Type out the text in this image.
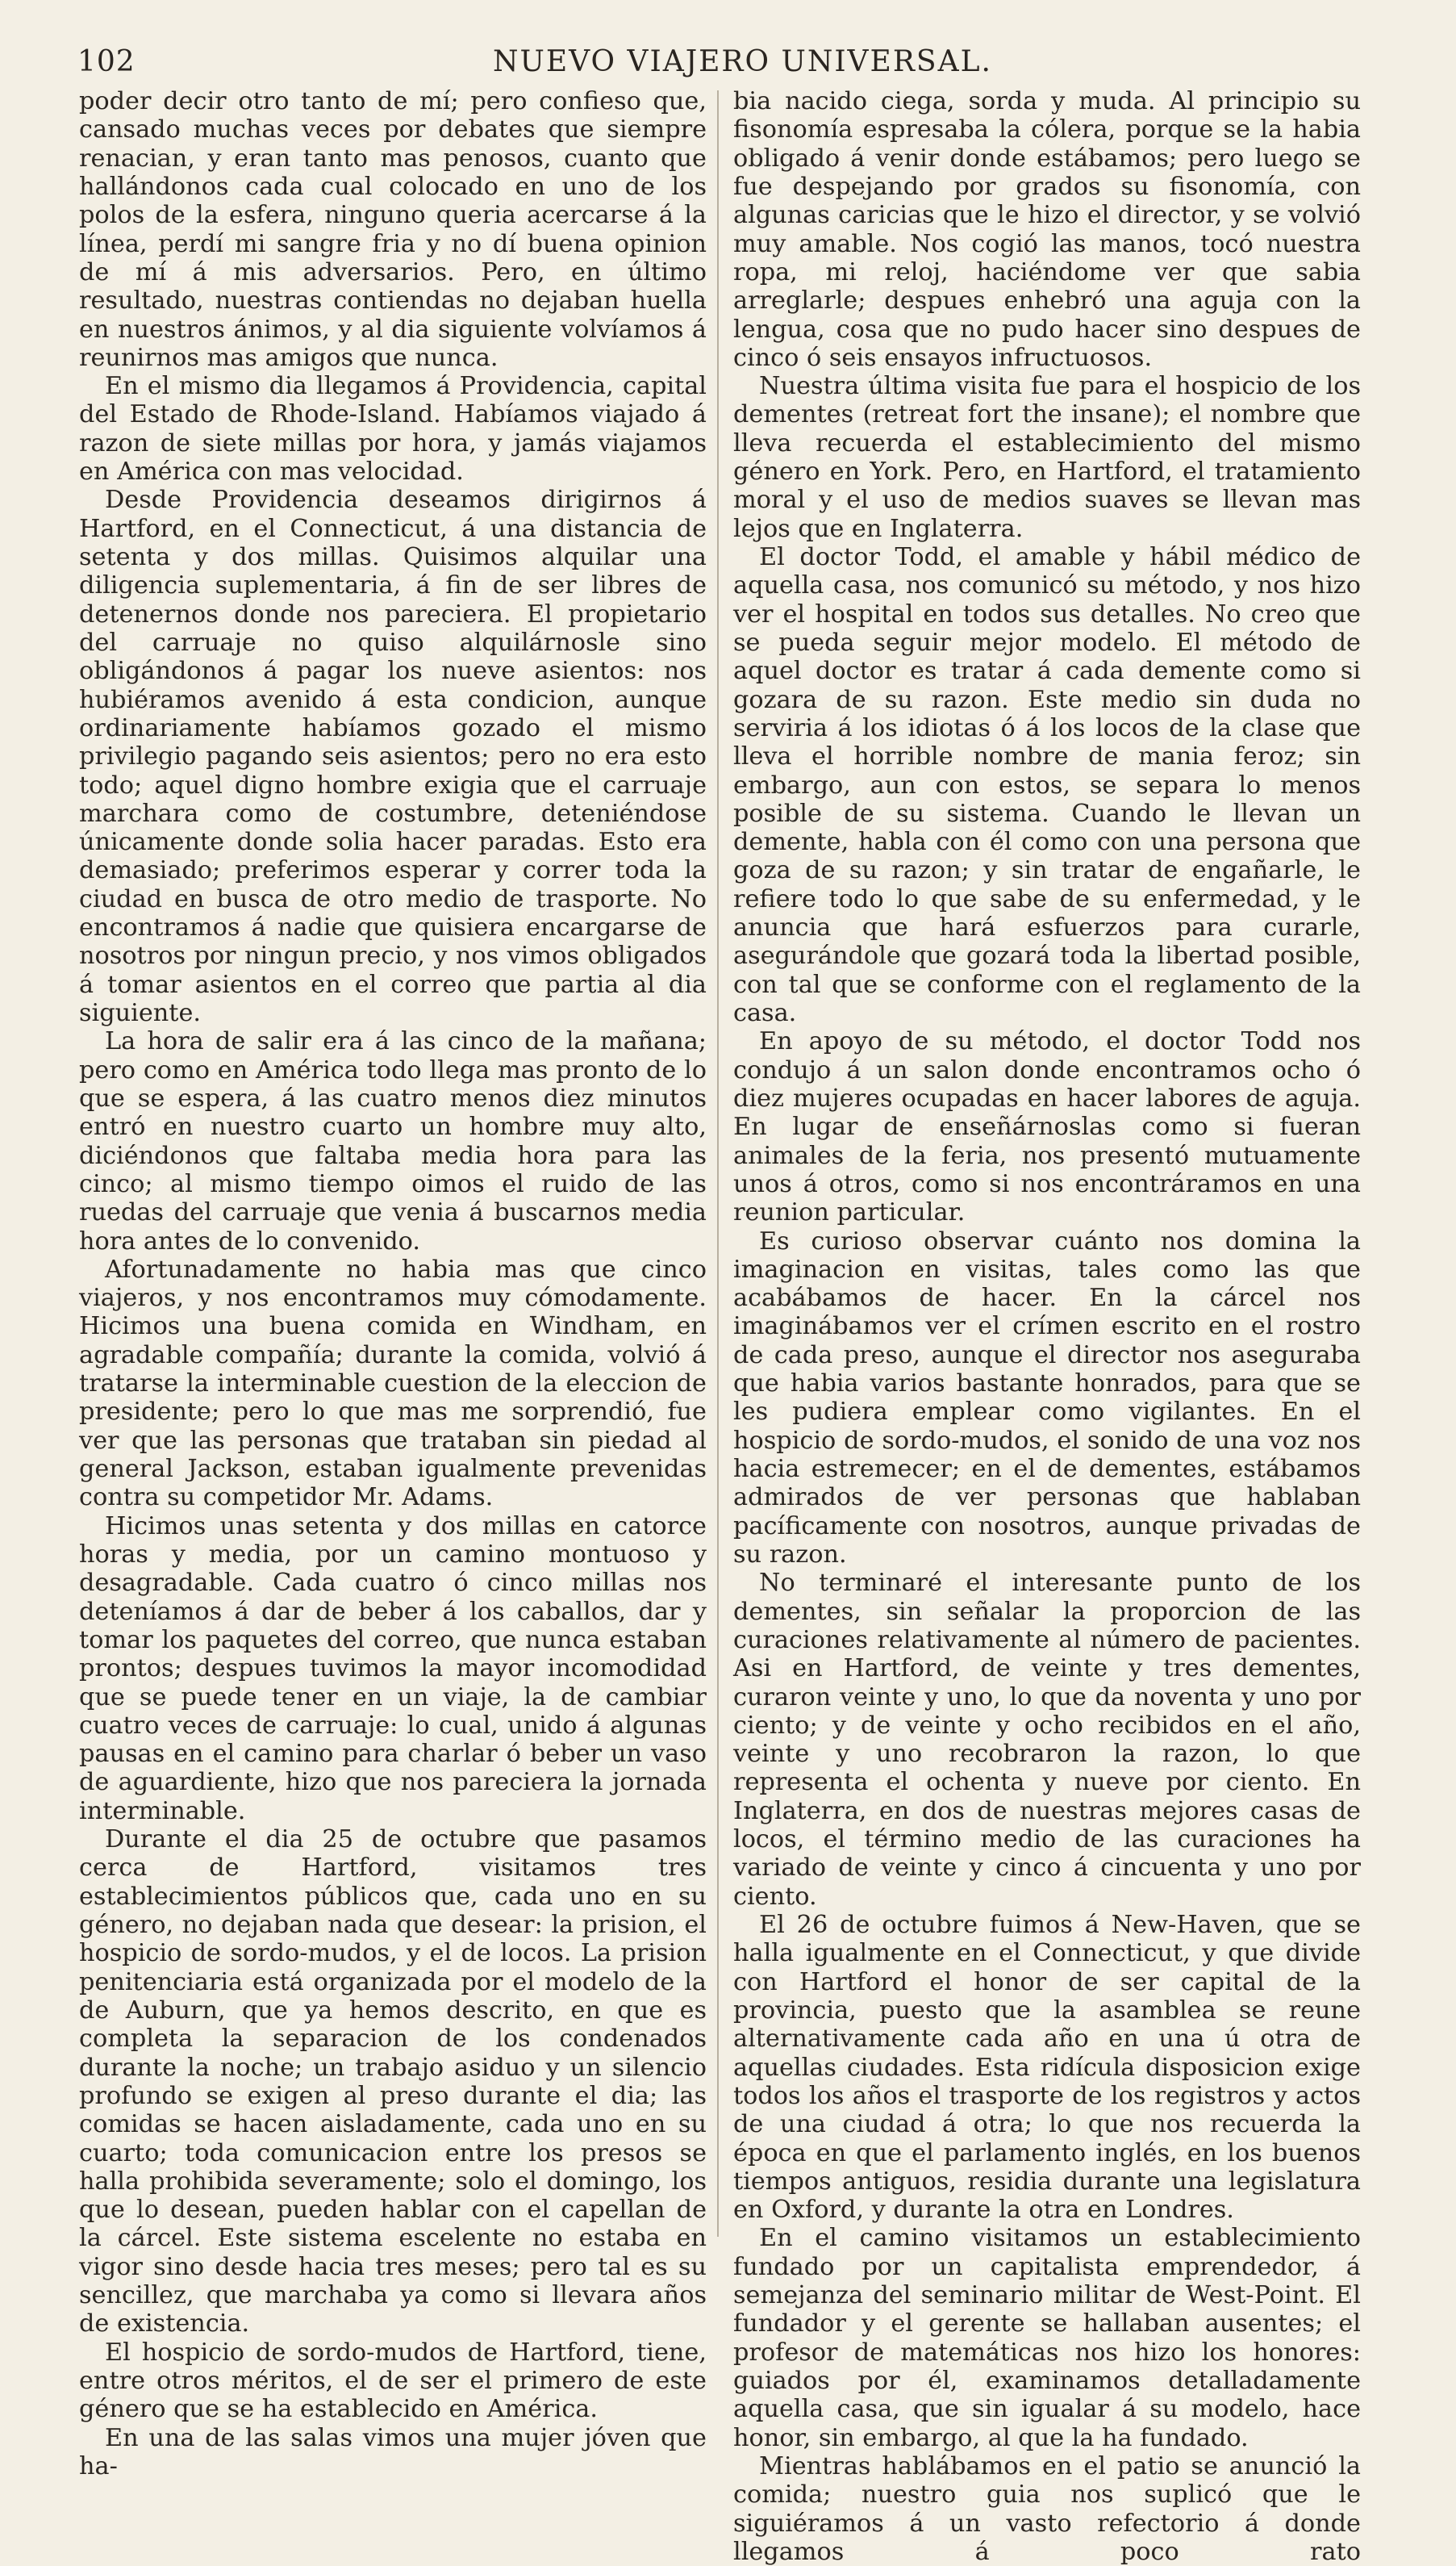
102	NUEVO VIAJERO UNIVERSAL.

poder decir otro tanto de mí; pero confieso que, cansado muchas veces por debates que siempre renacian, y eran tanto mas penosos, cuanto que hallándonos cada cual colocado en uno de los polos de la esfera, ninguno queria acercarse á la línea, perdí mi sangre fria y no dí buena opinion de mí á mis adversarios. Pero, en último resultado, nuestras contiendas no dejaban huella en nuestros ánimos, y al dia siguiente volvíamos á reunirnos mas amigos que nunca.

En el mismo dia llegamos á Providencia, capital del Estado de Rhode-Island. Habíamos viajado á razon de siete millas por hora, y jamás viajamos en América con mas velocidad.

Desde Providencia deseamos dirigirnos á Hartford, en el Connecticut, á una distancia de setenta y dos millas. Quisimos alquilar una diligencia suplementaria, á fin de ser libres de detenernos donde nos pareciera. El propietario del carruaje no quiso alquilárnosle sino obligándonos á pagar los nueve asientos: nos hubiéramos avenido á esta condicion, aunque ordinariamente habíamos gozado el mismo privilegio pagando seis asientos; pero no era esto todo; aquel digno hombre exigia que el carruaje marchara como de costumbre, deteniéndose únicamente donde solia hacer paradas. Esto era demasiado; preferimos esperar y correr toda la ciudad en busca de otro medio de trasporte. No encontramos á nadie que quisiera encargarse de nosotros por ningun precio, y nos vimos obligados á tomar asientos en el correo que partia al dia siguiente.

La hora de salir era á las cinco de la mañana; pero como en América todo llega mas pronto de lo que se espera, á las cuatro menos diez minutos entró en nuestro cuarto un hombre muy alto, diciéndonos que faltaba media hora para las cinco; al mismo tiempo oimos el ruido de las ruedas del carruaje que venia á buscarnos media hora antes de lo convenido.

Afortunadamente no habia mas que cinco viajeros, y nos encontramos muy cómodamente. Hicimos una buena comida en Windham, en agradable compañía; durante la comida, volvió á tratarse la interminable cuestion de la eleccion de presidente; pero lo que mas me sorprendió, fue ver que las personas que trataban sin piedad al general Jackson, estaban igualmente prevenidas contra su competidor Mr. Adams.

Hicimos unas setenta y dos millas en catorce horas y media, por un camino montuoso y desagradable. Cada cuatro ó cinco millas nos deteníamos á dar de beber á los caballos, dar y tomar los paquetes del correo, que nunca estaban prontos; despues tuvimos la mayor incomodidad que se puede tener en un viaje, la de cambiar cuatro veces de carruaje: lo cual, unido á algunas pausas en el camino para charlar ó beber un vaso de aguardiente, hizo que nos pareciera la jornada interminable.

Durante el dia 25 de octubre que pasamos cerca de Hartford, visitamos tres establecimientos públicos que, cada uno en su género, no dejaban nada que desear: la prision, el hospicio de sordo-mudos, y el de locos. La prision penitenciaria está organizada por el modelo de la de Auburn, que ya hemos descrito, en que es completa la separacion de los condenados durante la noche; un trabajo asiduo y un silencio profundo se exigen al preso durante el dia; las comidas se hacen aisladamente, cada uno en su cuarto; toda comunicacion entre los presos se halla prohibida severamente; solo el domingo, los que lo desean, pueden hablar con el capellan de la cárcel. Este sistema escelente no estaba en vigor sino desde hacia tres meses; pero tal es su sencillez, que marchaba ya como si llevara años de existencia.

El hospicio de sordo-mudos de Hartford, tiene, entre otros méritos, el de ser el primero de este género que se ha establecido en América.

En una de las salas vimos una mujer jóven que ha-

bia nacido ciega, sorda y muda. Al principio su fisonomía espresaba la cólera, porque se la habia obligado á venir donde estábamos; pero luego se fue despejando por grados su fisonomía, con algunas caricias que le hizo el director, y se volvió muy amable. Nos cogió las manos, tocó nuestra ropa, mi reloj, haciéndome ver que sabia arreglarle; despues enhebró una aguja con la lengua, cosa que no pudo hacer sino despues de cinco ó seis ensayos infructuosos.

Nuestra última visita fue para el hospicio de los dementes (retreat fort the insane); el nombre que lleva recuerda el establecimiento del mismo género en York. Pero, en Hartford, el tratamiento moral y el uso de medios suaves se llevan mas lejos que en Inglaterra.

El doctor Todd, el amable y hábil médico de aquella casa, nos comunicó su método, y nos hizo ver el hospital en todos sus detalles. No creo que se pueda seguir mejor modelo. El método de aquel doctor es tratar á cada demente como si gozara de su razon. Este medio sin duda no serviria á los idiotas ó á los locos de la clase que lleva el horrible nombre de mania feroz; sin embargo, aun con estos, se separa lo menos posible de su sistema. Cuando le llevan un demente, habla con él como con una persona que goza de su razon; y sin tratar de engañarle, le refiere todo lo que sabe de su enfermedad, y le anuncia que hará esfuerzos para curarle, asegurándole que gozará toda la libertad posible, con tal que se conforme con el reglamento de la casa.

En apoyo de su método, el doctor Todd nos condujo á un salon donde encontramos ocho ó diez mujeres ocupadas en hacer labores de aguja. En lugar de enseñárnoslas como si fueran animales de la feria, nos presentó mutuamente unos á otros, como si nos encontráramos en una reunion particular.

Es curioso observar cuánto nos domina la imaginacion en visitas, tales como las que acabábamos de hacer. En la cárcel nos imaginábamos ver el crímen escrito en el rostro de cada preso, aunque el director nos aseguraba que habia varios bastante honrados, para que se les pudiera emplear como vigilantes. En el hospicio de sordo-mudos, el sonido de una voz nos hacia estremecer; en el de dementes, estábamos admirados de ver personas que hablaban pacíficamente con nosotros, aunque privadas de su razon.

No terminaré el interesante punto de los dementes, sin señalar la proporcion de las curaciones relativamente al número de pacientes. Asi en Hartford, de veinte y tres dementes, curaron veinte y uno, lo que da noventa y uno por ciento; y de veinte y ocho recibidos en el año, veinte y uno recobraron la razon, lo que representa el ochenta y nueve por ciento. En Inglaterra, en dos de nuestras mejores casas de locos, el término medio de las curaciones ha variado de veinte y cinco á cincuenta y uno por ciento.

El 26 de octubre fuimos á New-Haven, que se halla igualmente en el Connecticut, y que divide con Hartford el honor de ser capital de la provincia, puesto que la asamblea se reune alternativamente cada año en una ú otra de aquellas ciudades. Esta ridícula disposicion exige todos los años el trasporte de los registros y actos de una ciudad á otra; lo que nos recuerda la época en que el parlamento inglés, en los buenos tiempos antiguos, residia durante una legislatura en Oxford, y durante la otra en Londres.

En el camino visitamos un establecimiento fundado por un capitalista emprendedor, á semejanza del seminario militar de West-Point. El fundador y el gerente se hallaban ausentes; el profesor de matemáticas nos hizo los honores: guiados por él, examinamos detalladamente aquella casa, que sin igualar á su modelo, hace honor, sin embargo, al que la ha fundado.

Mientras hablábamos en el patio se anunció la comida; nuestro guia nos suplicó que le siguiéramos á un vasto refectorio á donde llegamos á poco rato
